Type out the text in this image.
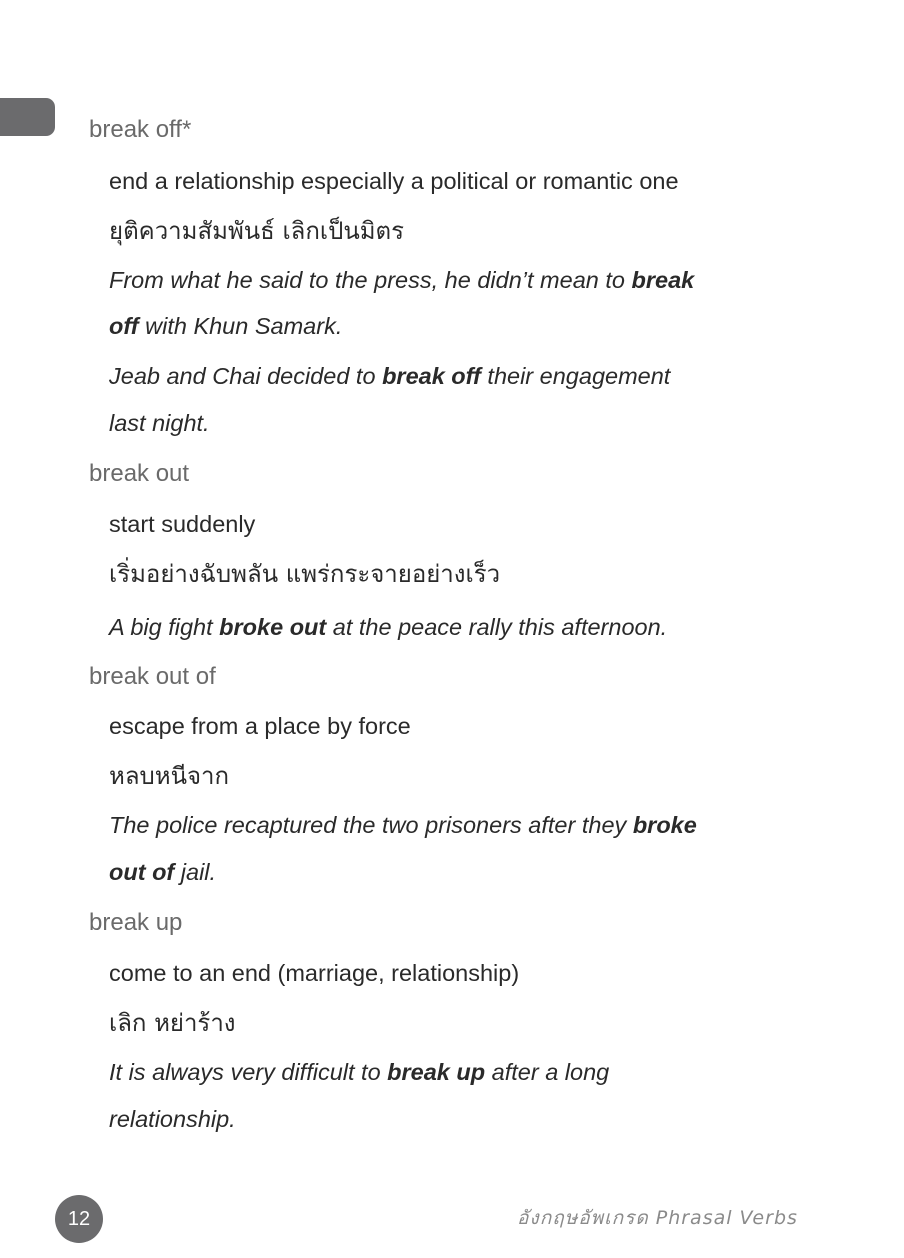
break off*
end a relationship especially a political or romantic one
ยุติความสัมพันธ์ เลิกเป็นมิตร
From what he said to the press, he didn’t mean to break
off with Khun Samark.
Jeab and Chai decided to break off their engagement
last night.
break out
start suddenly
เริ่มอย่างฉับพลัน แพร่กระจายอย่างเร็ว
A big fight broke out at the peace rally this afternoon.
break out of
escape from a place by force
หลบหนีจาก
The police recaptured the two prisoners after they broke
out of jail.
break up
come to an end (marriage, relationship)
เลิก หย่าร้าง
It is always very difficult to break up after a long
relationship.
12	อังกฤษอัพเกรด Phrasal Verbs
